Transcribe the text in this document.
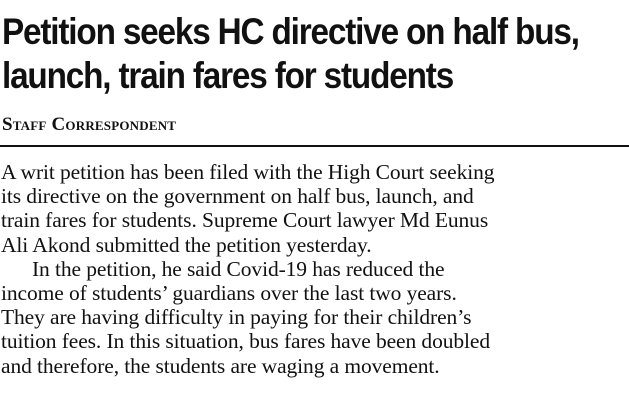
Petition seeks HC directive on half bus,
launch, train fares for students

Staff Correspondent

A writ petition has been filed with the High Court seeking
its directive on the government on half bus, launch, and
train fares for students. Supreme Court lawyer Md Eunus
Ali Akond submitted the petition yesterday.

In the petition, he said Covid-19 has reduced the
income of students’ guardians over the last two years.
They are having difficulty in paying for their children’s
tuition fees. In this situation, bus fares have been doubled
and therefore, the students are waging a movement.
